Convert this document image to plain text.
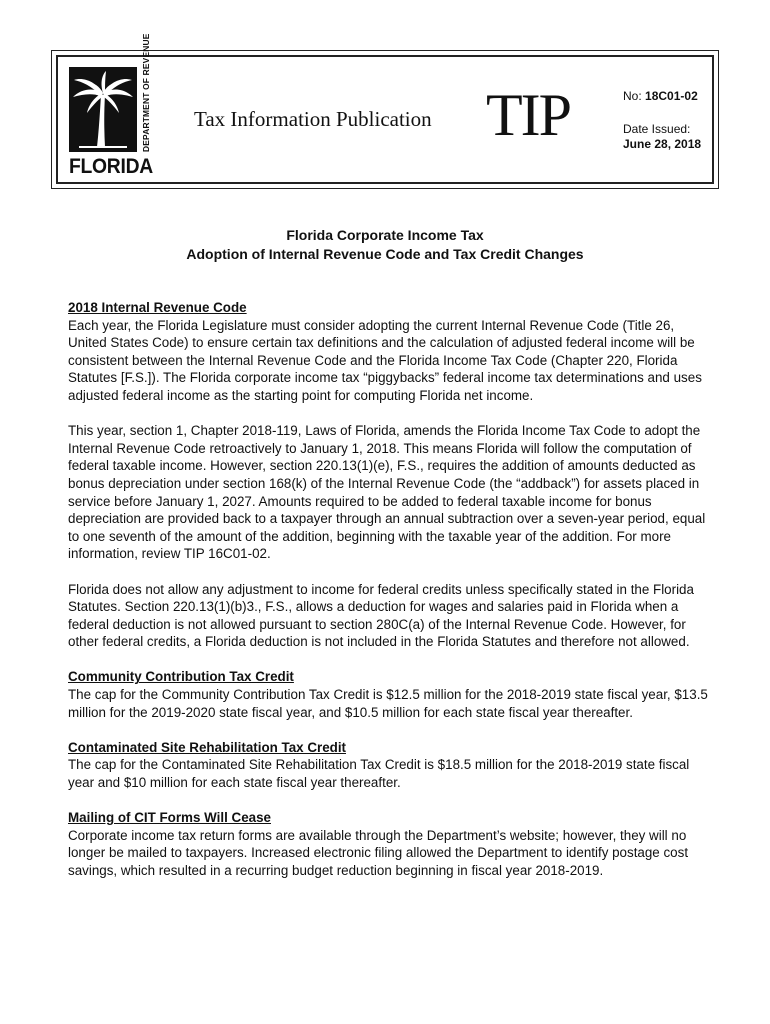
DEPARTMENT OF REVENUE
FLORIDA
Tax Information Publication TIP	No: 18C01-02
Date Issued:
June 28, 2018
Florida Corporate Income Tax
Adoption of Internal Revenue Code and Tax Credit Changes
2018 Internal Revenue Code

Each year, the Florida Legislature must consider adopting the current Internal Revenue Code (Title 26, United States Code) to ensure certain tax definitions and the calculation of adjusted federal income will be consistent between the Internal Revenue Code and the Florida Income Tax Code (Chapter 220, Florida Statutes [F.S.]). The Florida corporate income tax “piggybacks” federal income tax determinations and uses adjusted federal income as the starting point for computing Florida net income.

This year, section 1, Chapter 2018-119, Laws of Florida, amends the Florida Income Tax Code to adopt the Internal Revenue Code retroactively to January 1, 2018. This means Florida will follow the computation of federal taxable income. However, section 220.13(1)(e), F.S., requires the addition of amounts deducted as bonus depreciation under section 168(k) of the Internal Revenue Code (the “addback”) for assets placed in service before January 1, 2027. Amounts required to be added to federal taxable income for bonus depreciation are provided back to a taxpayer through an annual subtraction over a seven-year period, equal to one seventh of the amount of the addition, beginning with the taxable year of the addition. For more information, review TIP 16C01-02.

Florida does not allow any adjustment to income for federal credits unless specifically stated in the Florida Statutes. Section 220.13(1)(b)3., F.S., allows a deduction for wages and salaries paid in Florida when a federal deduction is not allowed pursuant to section 280C(a) of the Internal Revenue Code. However, for other federal credits, a Florida deduction is not included in the Florida Statutes and therefore not allowed.

Community Contribution Tax Credit

The cap for the Community Contribution Tax Credit is $12.5 million for the 2018-2019 state fiscal year, $13.5 million for the 2019-2020 state fiscal year, and $10.5 million for each state fiscal year thereafter.

Contaminated Site Rehabilitation Tax Credit

The cap for the Contaminated Site Rehabilitation Tax Credit is $18.5 million for the 2018-2019 state fiscal year and $10 million for each state fiscal year thereafter.

Mailing of CIT Forms Will Cease

Corporate income tax return forms are available through the Department’s website; however, they will no longer be mailed to taxpayers. Increased electronic filing allowed the Department to identify postage cost savings, which resulted in a recurring budget reduction beginning in fiscal year 2018-2019.
